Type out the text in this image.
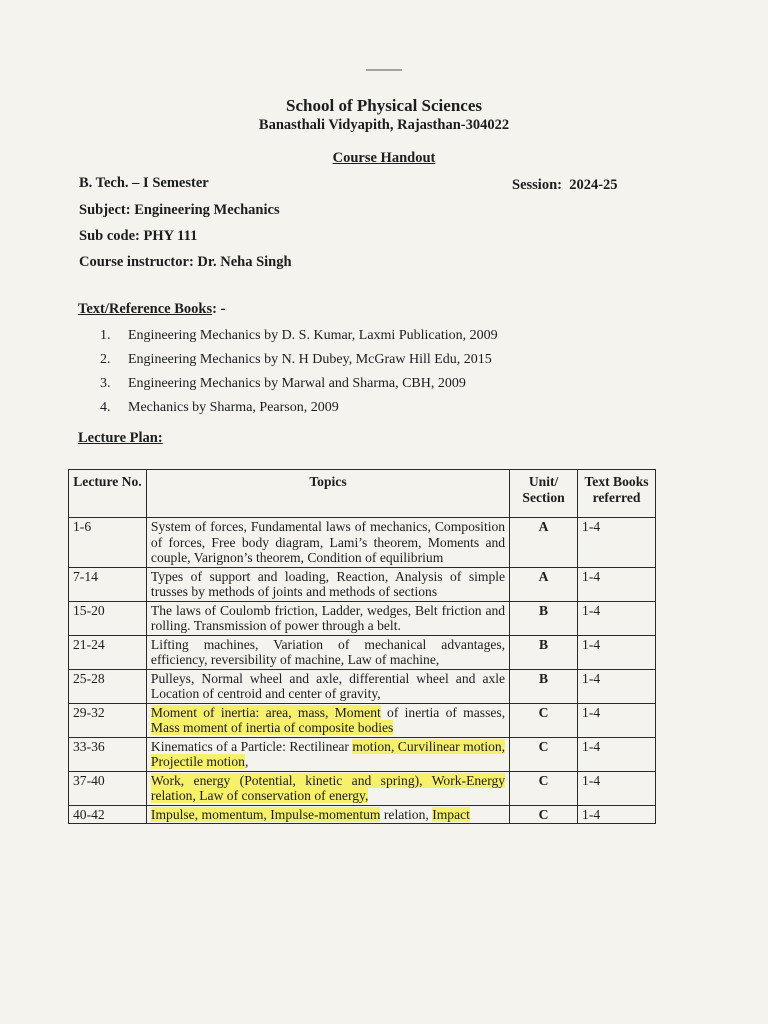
School of Physical Sciences
Banasthali Vidyapith, Rajasthan-304022
Course Handout
B. Tech. – I Semester	Session: 2024-25
Subject: Engineering Mechanics
Sub code: PHY 111
Course instructor: Dr. Neha Singh
Text/Reference Books: -
1. Engineering Mechanics by D. S. Kumar, Laxmi Publication, 2009
2. Engineering Mechanics by N. H Dubey, McGraw Hill Edu, 2015
3. Engineering Mechanics by Marwal and Sharma, CBH, 2009
4. Mechanics by Sharma, Pearson, 2009
Lecture Plan:
Lecture No.	Topics	Unit/ Section	Text Books referred
1-6	System of forces, Fundamental laws of mechanics, Composition of forces, Free body diagram, Lami’s theorem, Moments and couple, Varignon’s theorem, Condition of equilibrium	A	1-4
7-14	Types of support and loading, Reaction, Analysis of simple trusses by methods of joints and methods of sections	A	1-4
15-20	The laws of Coulomb friction, Ladder, wedges, Belt friction and rolling. Transmission of power through a belt.	B	1-4
21-24	Lifting machines, Variation of mechanical advantages, efficiency, reversibility of machine, Law of machine,	B	1-4
25-28	Pulleys, Normal wheel and axle, differential wheel and axle Location of centroid and center of gravity,	B	1-4
29-32	Moment of inertia: area, mass, Moment of inertia of masses, Mass moment of inertia of composite bodies	C	1-4
33-36	Kinematics of a Particle: Rectilinear motion, Curvilinear motion, Projectile motion,	C	1-4
37-40	Work, energy (Potential, kinetic and spring), Work-Energy relation, Law of conservation of energy,	C	1-4
40-42	Impulse, momentum, Impulse-momentum relation, Impact	C	1-4
